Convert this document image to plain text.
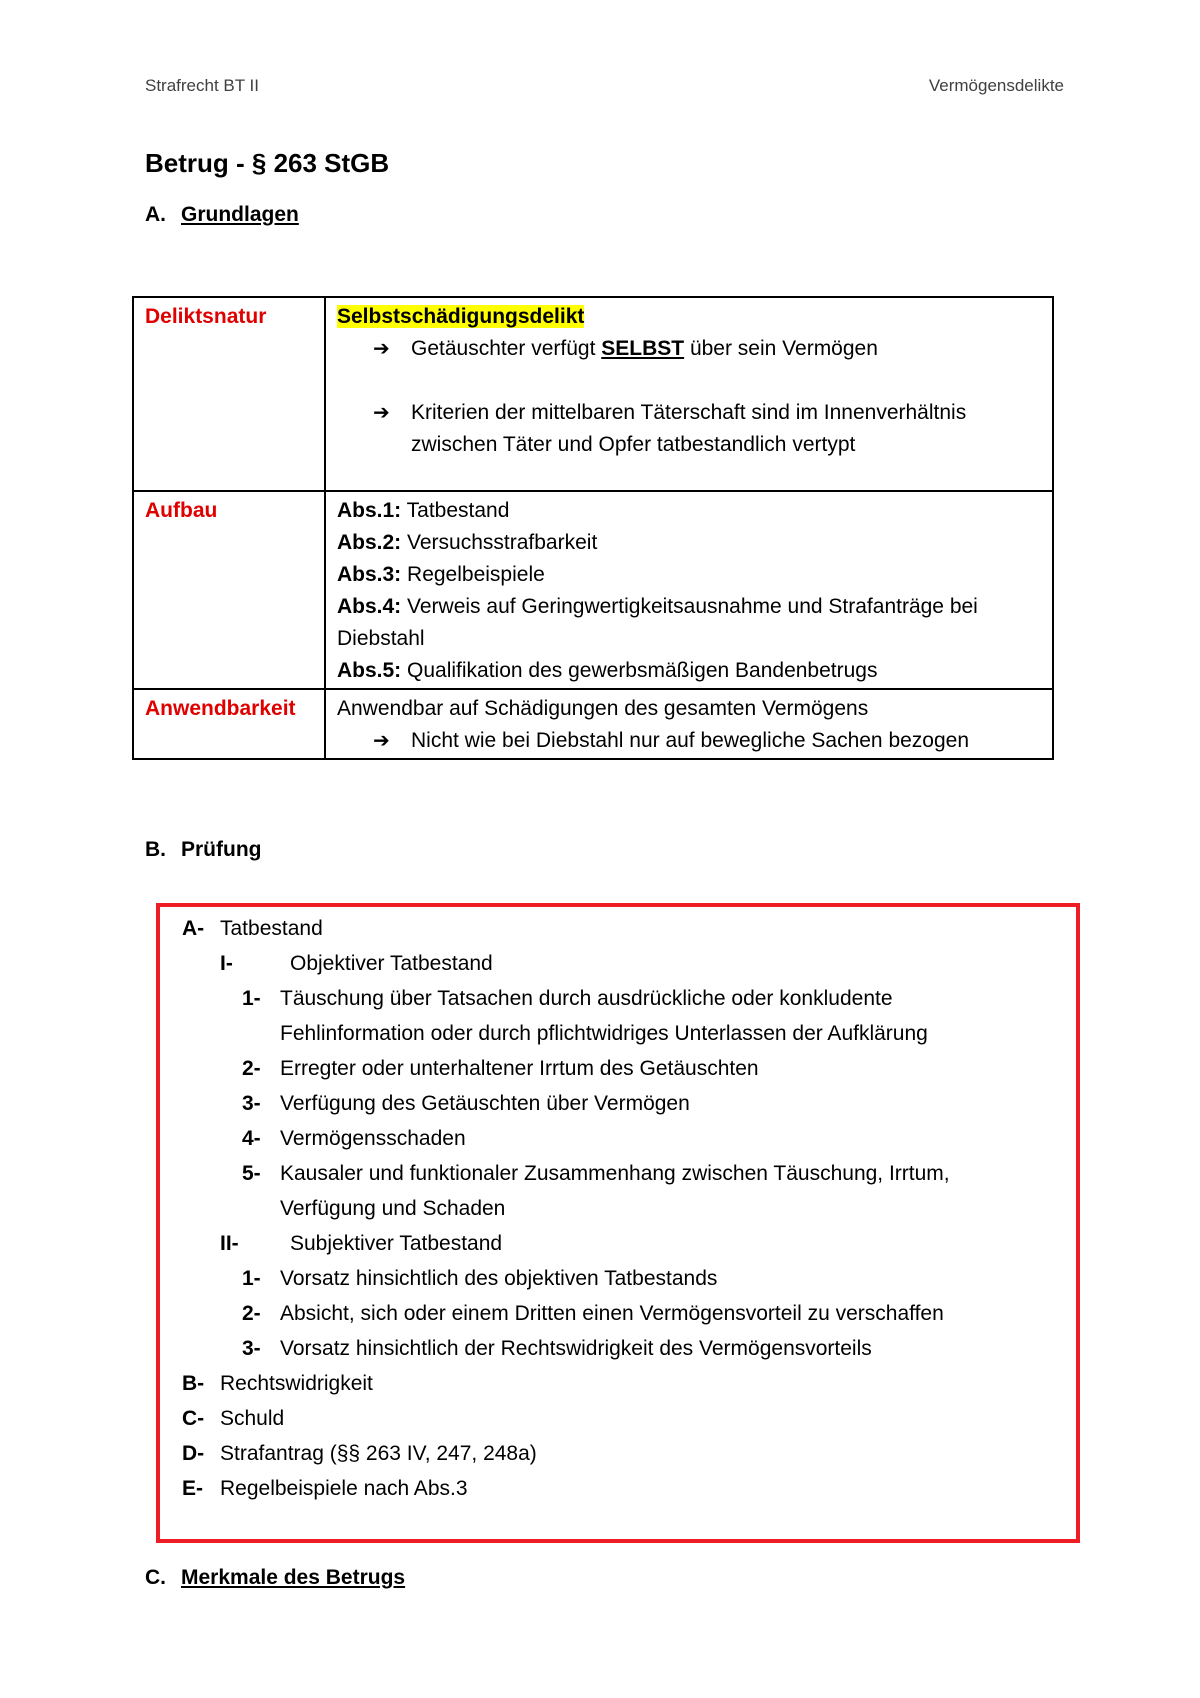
Strafrecht BT II	Vermögensdelikte
Betrug - § 263 StGB
A. Grundlagen
Deliktsnatur	Selbstschädigungsdelikt
➔ Getäuschter verfügt SELBST über sein Vermögen
➔ Kriterien der mittelbaren Täterschaft sind im Innenverhältnis zwischen Täter und Opfer tatbestandlich vertypt

Aufbau	Abs.1: Tatbestand
Abs.2: Versuchsstrafbarkeit
Abs.3: Regelbeispiele
Abs.4: Verweis auf Geringwertigkeitsausnahme und Strafanträge bei Diebstahl
Abs.5: Qualifikation des gewerbsmäßigen Bandenbetrugs

Anwendbarkeit	Anwendbar auf Schädigungen des gesamten Vermögens
➔ Nicht wie bei Diebstahl nur auf bewegliche Sachen bezogen
B. Prüfung
A- Tatbestand
I-	Objektiver Tatbestand
1- Täuschung über Tatsachen durch ausdrückliche oder konkludente
Fehlinformation oder durch pflichtwidriges Unterlassen der Aufklärung
2- Erregter oder unterhaltener Irrtum des Getäuschten
3- Verfügung des Getäuschten über Vermögen
4- Vermögensschaden
5- Kausaler und funktionaler Zusammenhang zwischen Täuschung, Irrtum,
Verfügung und Schaden
II- Subjektiver Tatbestand
1- Vorsatz hinsichtlich des objektiven Tatbestands
2- Absicht, sich oder einem Dritten einen Vermögensvorteil zu verschaffen
3- Vorsatz hinsichtlich der Rechtswidrigkeit des Vermögensvorteils
B- Rechtswidrigkeit
C- Schuld
D- Strafantrag (§§ 263 IV, 247, 248a)
E- Regelbeispiele nach Abs.3
C. Merkmale des Betrugs
